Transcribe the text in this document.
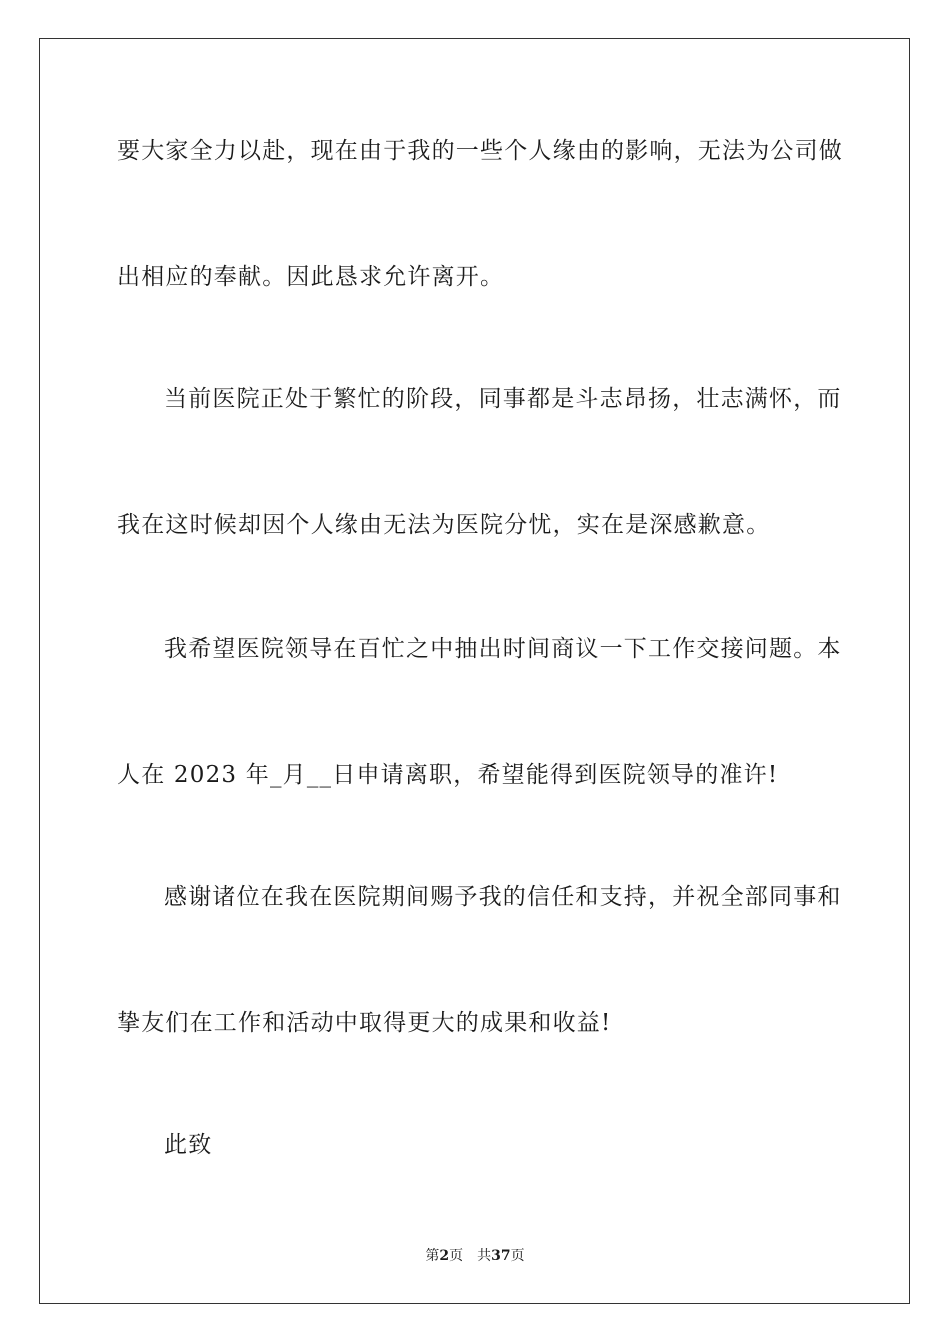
要大家全力以赴，现在由于我的一些个人缘由的影响，无法为公司做
出相应的奉献。因此恳求允许离开。
当前医院正处于繁忙的阶段，同事都是斗志昂扬，壮志满怀，而
我在这时候却因个人缘由无法为医院分忧，实在是深感歉意。
我希望医院领导在百忙之中抽出时间商议一下工作交接问题。本
人在 2023 年_月__日申请离职，希望能得到医院领导的准许!
感谢诸位在我在医院期间赐予我的信任和支持，并祝全部同事和
挚友们在工作和活动中取得更大的成果和收益!
此致
第2页 共37页
